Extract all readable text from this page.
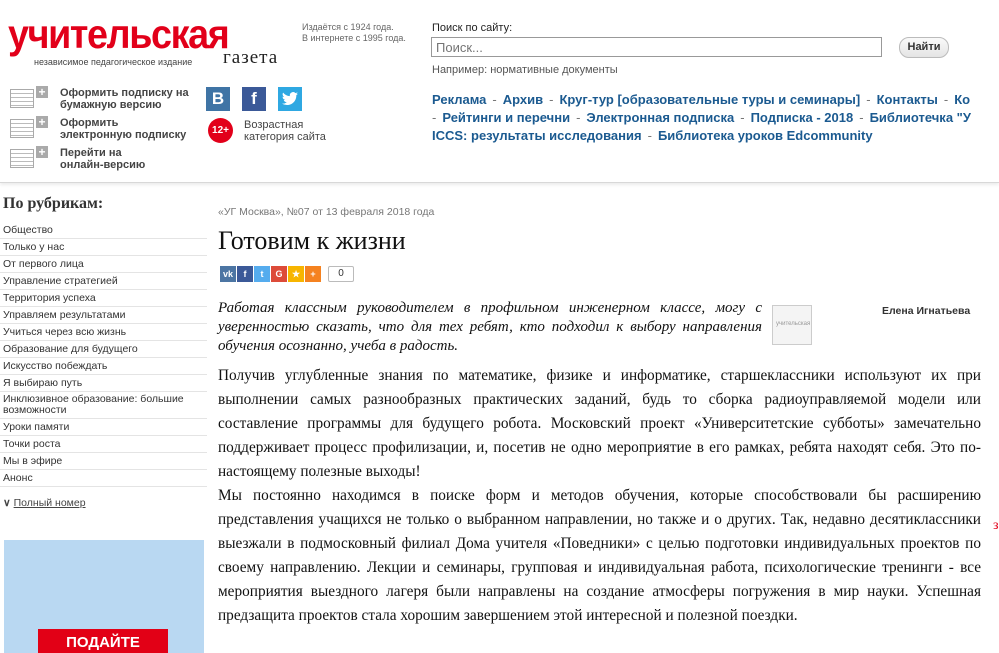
учительская
независимое педагогическое издание газета
Издаётся с 1924 года.
В интернете с 1995 года.
+ Оформить подписку на
бумажную версию
+ Оформить
электронную подписку
+ Перейти на
онлайн-версию
B	f
12+	Возрастная
категория сайта
Поиск по сайту:
Поиск...
Найти
Например: нормативные документы
Реклама - Архив - Круг-тур [образовательные туры и семинары] - Контакты - Ко
- Рейтинги и перечни - Электронная подписка - Подписка - 2018 - Библиотечка "У
ICCS: результаты исследования - Библиотека уроков Edcommunity
По рубрикам:
Общество
Только у нас
От первого лица
Управление стратегией
Территория успеха
Управляем результатами
Учиться через всю жизнь
Образование для будущего
Искусство побеждать
Я выбираю путь
Инклюзивное образование: большие возможности
Уроки памяти
Точки роста
Мы в эфире
Анонс
∨ Полный номер
ПОДАЙТЕ
«УГ Москва», №07 от 13 февраля 2018 года
Готовим к жизни
vk	f	t	G	★	+	0
Работая классным руководителем в профильном инженерном классе, могу с уверенностью сказать, что для тех ребят, кто подходил к выбору направления обучения осознанно, учеба в радость.
учительская
Елена Игнатьева

Получив углубленные знания по математике, физике и информатике, старшеклассники используют их при выполнении самых разнообразных практических заданий, будь то сборка радиоуправляемой модели или составление программы для будущего робота. Московский проект «Университетские субботы» замечательно поддерживает процесс профилизации, и, посетив не одно мероприятие в его рамках, ребята находят себя. Это по-настоящему полезные выходы!

Мы постоянно находимся в поиске форм и методов обучения, которые способствовали бы расширению представления учащихся не только о выбранном направлении, но также и о других. Так, недавно десятиклассники выезжали в подмосковный филиал Дома учителя «Поведники» с целью подготовки индивидуальных проектов по своему направлению. Лекции и семинары, групповая и индивидуальная работа, психологические тренинги - все мероприятия выездного лагеря были направлены на создание атмосферы погружения в мир науки. Успешная предзащита проектов стала хорошим завершением этой интересной и полезной поездки.

з
